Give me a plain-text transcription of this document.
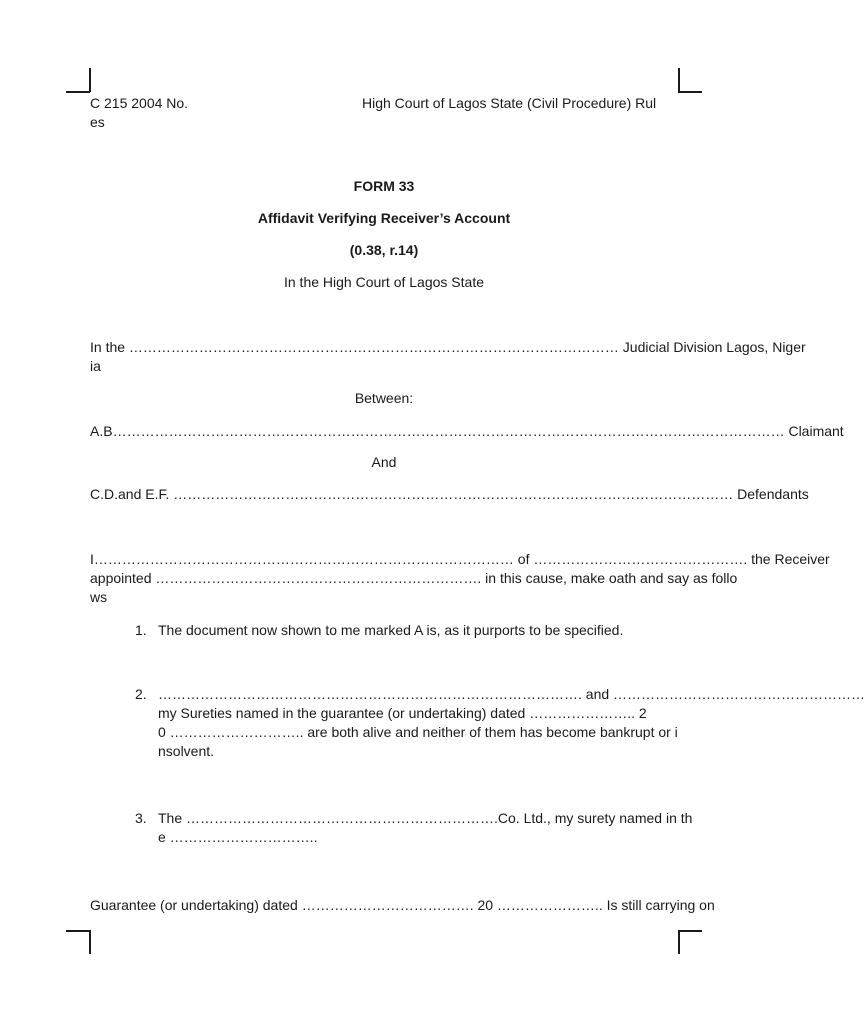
C 215 2004 No.
es
High Court of Lagos State (Civil Procedure) Rul
FORM 33
Affidavit Verifying Receiver’s Account
(0.38, r.14)
In the High Court of Lagos State
In the …………………………………………………………………………………………… Judicial Division Lagos, Niger
ia
Between:
A.B……………………………………………………………………………………………………………………………… Claimant
And
C.D.and E.F. ………………………………………………………………………………………………………… Defendants
I……………………………………………………………………………… of ………………………………………. the Receiver
appointed ……………………………………………………………. in this cause, make oath and say as follo
ws
1. The document now shown to me marked A is, as it purports to be specified.
2. ………………………………………………………………………………. and ………………………………………………
my Sureties named in the guarantee (or undertaking) dated ………………….. 2
0 ……………………….. are both alive and neither of them has become bankrupt or i
nsolvent.
3. The ………………………………………………………….Co. Ltd., my surety named in th
e …………………………..
Guarantee (or undertaking) dated ………………………………. 20 ………………….. Is still carrying on
